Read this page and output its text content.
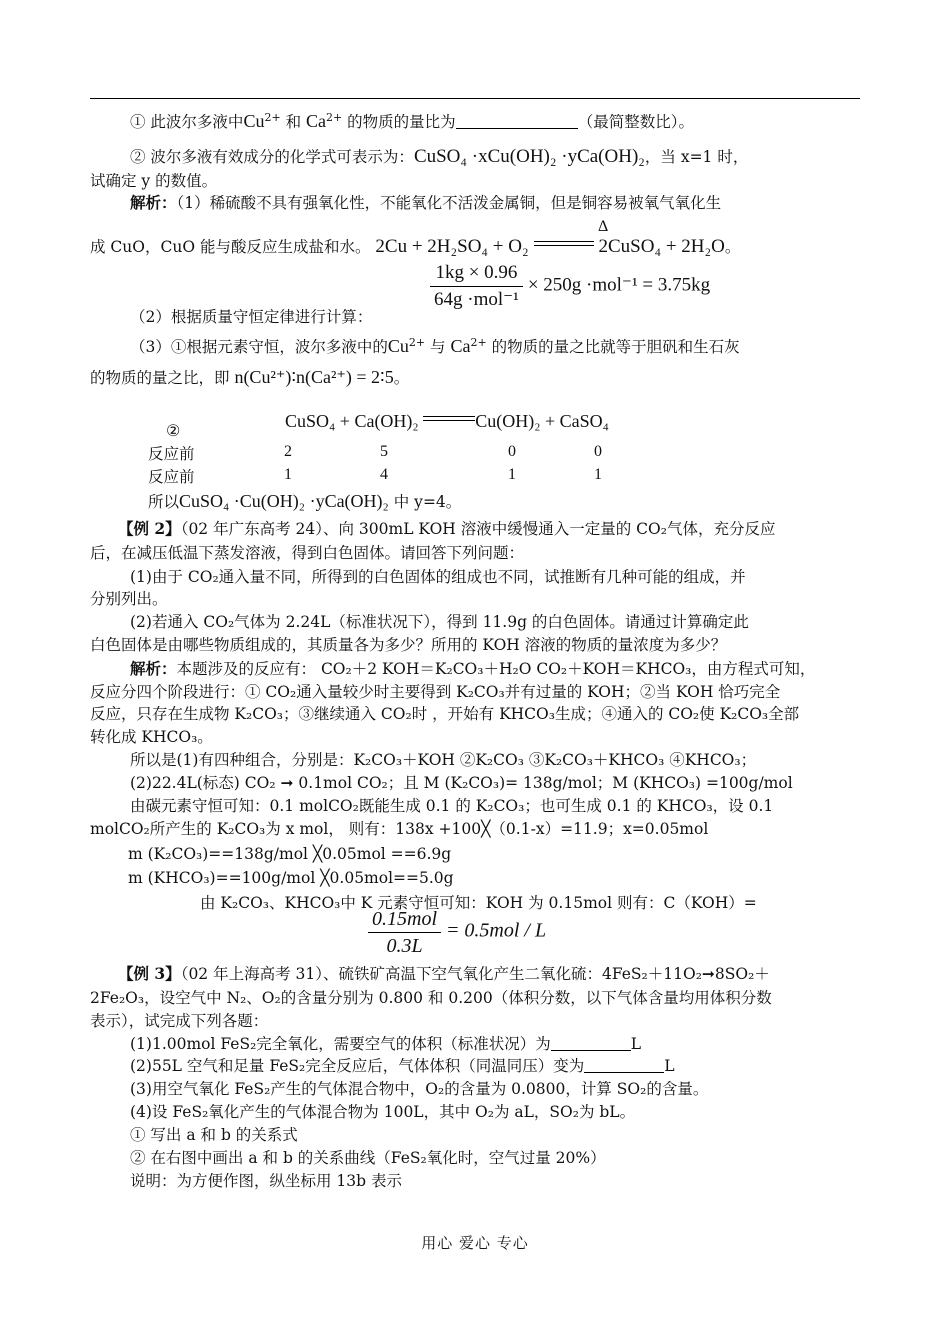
① 此波尔多液中$Cu^{2+}$ 和 $Ca^{2+}$ 的物质的量比为	（最简整数比）。
② 波尔多液有效成分的化学式可表示为：CuSO₄ ·xCu(OH)₂ ·yCa(OH)₂，当 x=1 时，
试确定 y 的数值。
解析：（1）稀硫酸不具有强氧化性，不能氧化不活泼金属铜，但是铜容易被氧气氧化生
成 CuO，CuO 能与酸反应生成盐和水。 2Cu + 2H₂SO₄ + O₂	2CuSO₄ + 2H₂O。
Δ
$\frac{1kg \times 0.96}{\text{64g ·mol⁻¹}} \times 250g \cdot mol^{-1} = 3.75kg$
（2）根据质量守恒定律进行计算：
（3）①根据元素守恒，波尔多液中的$Cu^{2+}$ 与 $Ca^{2+}$ 的物质的量之比就等于胆矾和生石灰
的物质的量之比，即 n(Cu²⁺)∶n(Ca²⁺) = 2∶5。
②
CuSO₄ + Ca(OH)₂	Cu(OH)₂ + CaSO₄
反应前	2	5	0	0
反应前	1	4	1	1
所以CuSO₄ ·Cu(OH)₂ ·yCa(OH)₂ 中 y=4。
【例 2】（02 年广东高考 24）、向 300mL KOH 溶液中缓慢通入一定量的 CO₂气体，充分反应
后，在减压低温下蒸发溶液，得到白色固体。请回答下列问题：
(1)由于 CO₂通入量不同，所得到的白色固体的组成也不同，试推断有几种可能的组成，并
分别列出。
(2)若通入 CO₂气体为 2.24L（标准状况下），得到 11.9g 的白色固体。请通过计算确定此
白色固体是由哪些物质组成的，其质量各为多少？所用的 KOH 溶液的物质的量浓度为多少？
解析：本题涉及的反应有： CO₂＋2 KOH＝K₂CO₃＋H₂O CO₂＋KOH＝KHCO₃，由方程式可知，
反应分四个阶段进行：① CO₂通入量较少时主要得到 K₂CO₃并有过量的 KOH；②当 KOH 恰巧完全
反应，只存在生成物 K₂CO₃；③继续通入 CO₂时 ，开始有 KHCO₃生成；④通入的 CO₂使 K₂CO₃全部
转化成 KHCO₃。
所以是(1)有四种组合，分别是：K₂CO₃＋KOH ②K₂CO₃ ③K₂CO₃＋KHCO₃ ④KHCO₃；
(2)22.4L(标态) CO₂ ➞ 0.1mol CO₂；且 M (K₂CO₃)= 138g/mol；M (KHCO₃) =100g/mol
由碳元素守恒可知：0.1 molCO₂既能生成 0.1 的 K₂CO₃；也可生成 0.1 的 KHCO₃，设 0.1
molCO₂所产生的 K₂CO₃为 x mol， 则有：138x +100╳（0.1-x）=11.9；x=0.05mol
m (K₂CO₃)==138g/mol ╳0.05mol ==6.9g
m (KHCO₃)==100g/mol ╳0.05mol==5.0g
由 K₂CO₃、KHCO₃中 K 元素守恒可知：KOH 为 0.15mol 则有：C（KOH）=
$\frac{\text{0.15mol}}{0.3L} = 0.5mol / L$
【例 3】（02 年上海高考 31）、硫铁矿高温下空气氧化产生二氧化硫：4FeS₂＋11O₂➞8SO₂＋
2Fe₂O₃，设空气中 N₂、O₂的含量分别为 0.800 和 0.200（体积分数，以下气体含量均用体积分数
表示），试完成下列各题：
(1)1.00mol FeS₂完全氧化，需要空气的体积（标准状况）为	L
(2)55L 空气和足量 FeS₂完全反应后，气体体积（同温同压）变为	L
(3)用空气氧化 FeS₂产生的气体混合物中，O₂的含量为 0.0800，计算 SO₂的含量。
(4)设 FeS₂氧化产生的气体混合物为 100L，其中 O₂为 aL，SO₂为 bL。
① 写出 a 和 b 的关系式
② 在右图中画出 a 和 b 的关系曲线（FeS₂氧化时，空气过量 20%）
说明：为方便作图，纵坐标用 13b 表示
用心 爱心 专心
